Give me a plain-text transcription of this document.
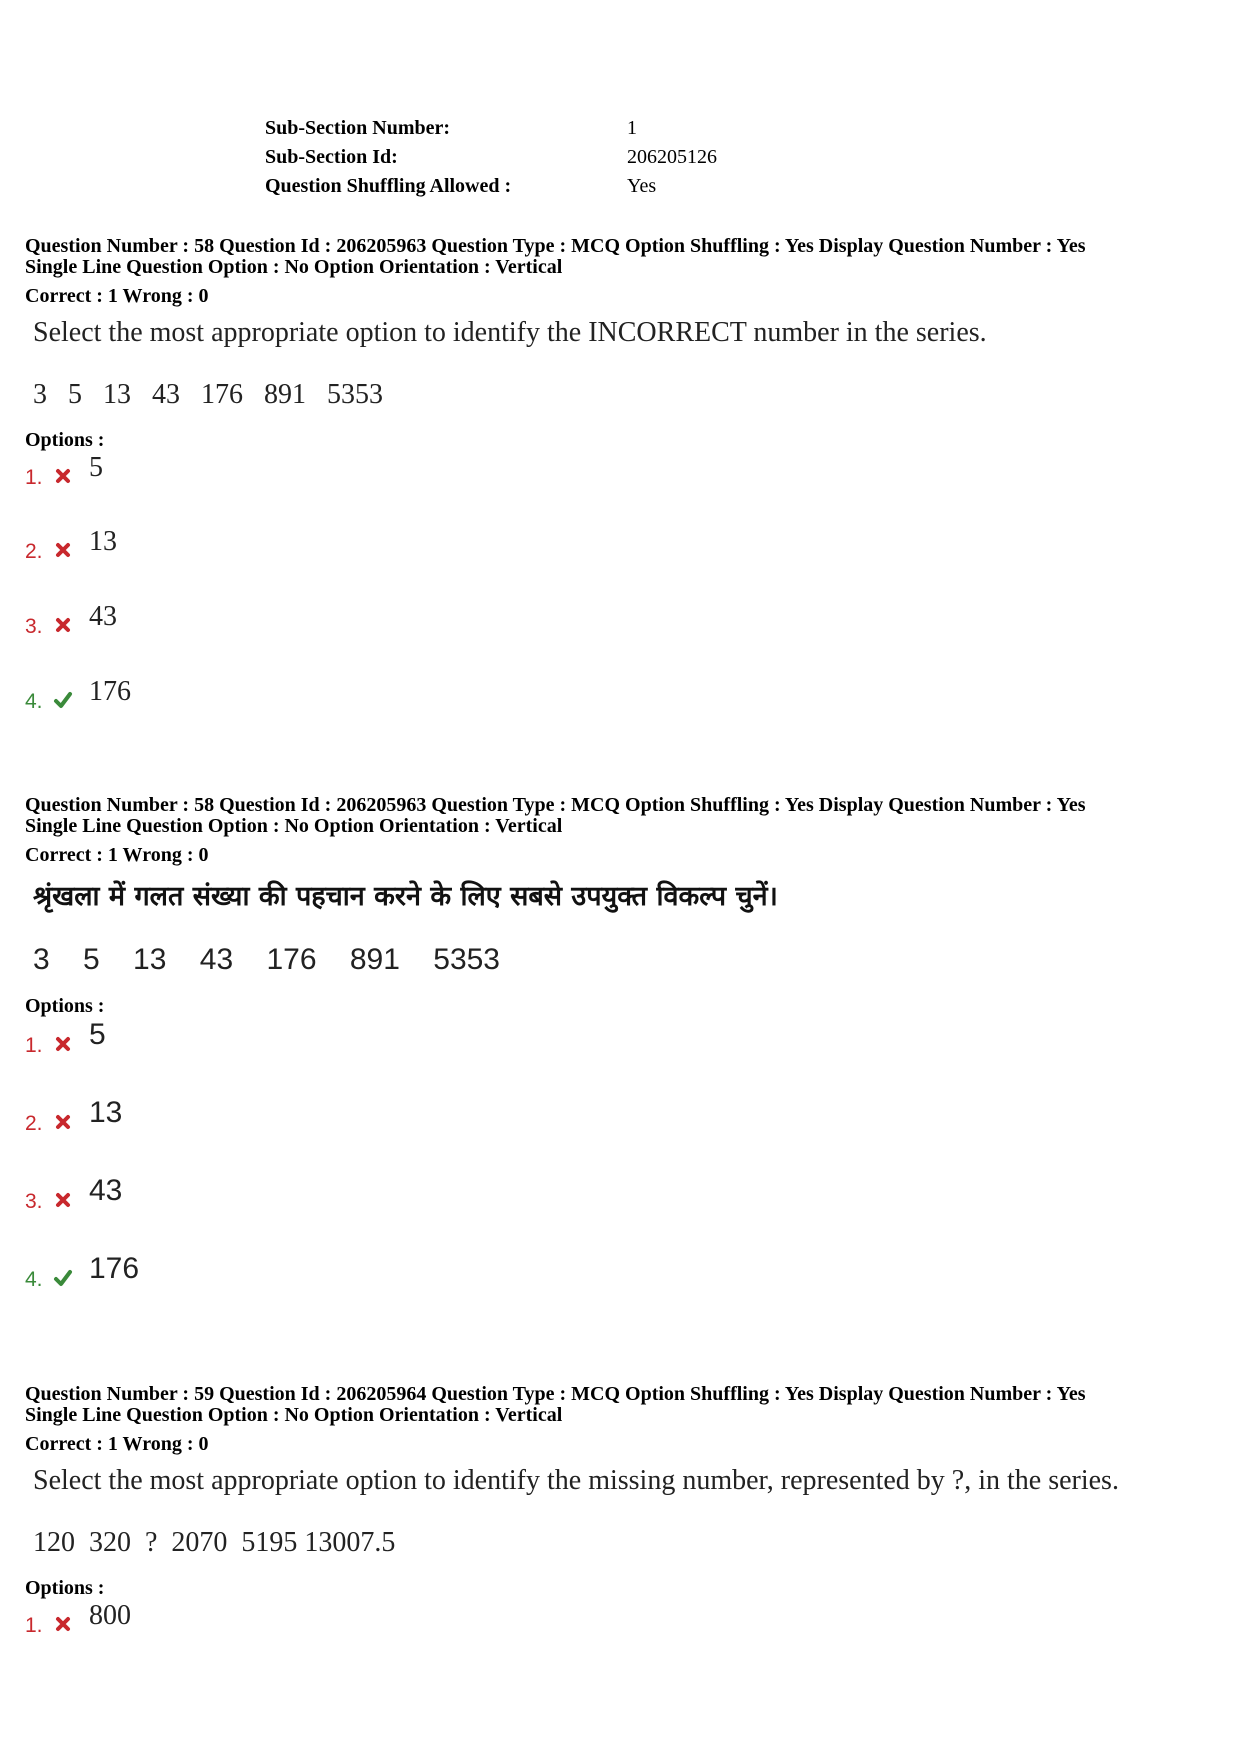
Sub-Section Number:	1
Sub-Section Id:	206205126
Question Shuffling Allowed :	Yes
Question Number : 58 Question Id : 206205963 Question Type : MCQ Option Shuffling : Yes Display Question Number : Yes
Single Line Question Option : No Option Orientation : Vertical
Correct : 1 Wrong : 0
Select the most appropriate option to identify the INCORRECT number in the series.
3   5   13   43   176   891   5353
Options :
1. 5
2. 13
3. 43
4. 176
Question Number : 58 Question Id : 206205963 Question Type : MCQ Option Shuffling : Yes Display Question Number : Yes
Single Line Question Option : No Option Orientation : Vertical
Correct : 1 Wrong : 0
श्रृंखला में गलत संख्या की पहचान करने के लिए सबसे उपयुक्त विकल्प चुनें।
3    5    13    43    176    891    5353
Options :
1. 5
2. 13
3. 43
4. 176
Question Number : 59 Question Id : 206205964 Question Type : MCQ Option Shuffling : Yes Display Question Number : Yes
Single Line Question Option : No Option Orientation : Vertical
Correct : 1 Wrong : 0
Select the most appropriate option to identify the missing number, represented by ?, in the series.
120  320  ?  2070  5195 13007.5
Options :
1. 800
